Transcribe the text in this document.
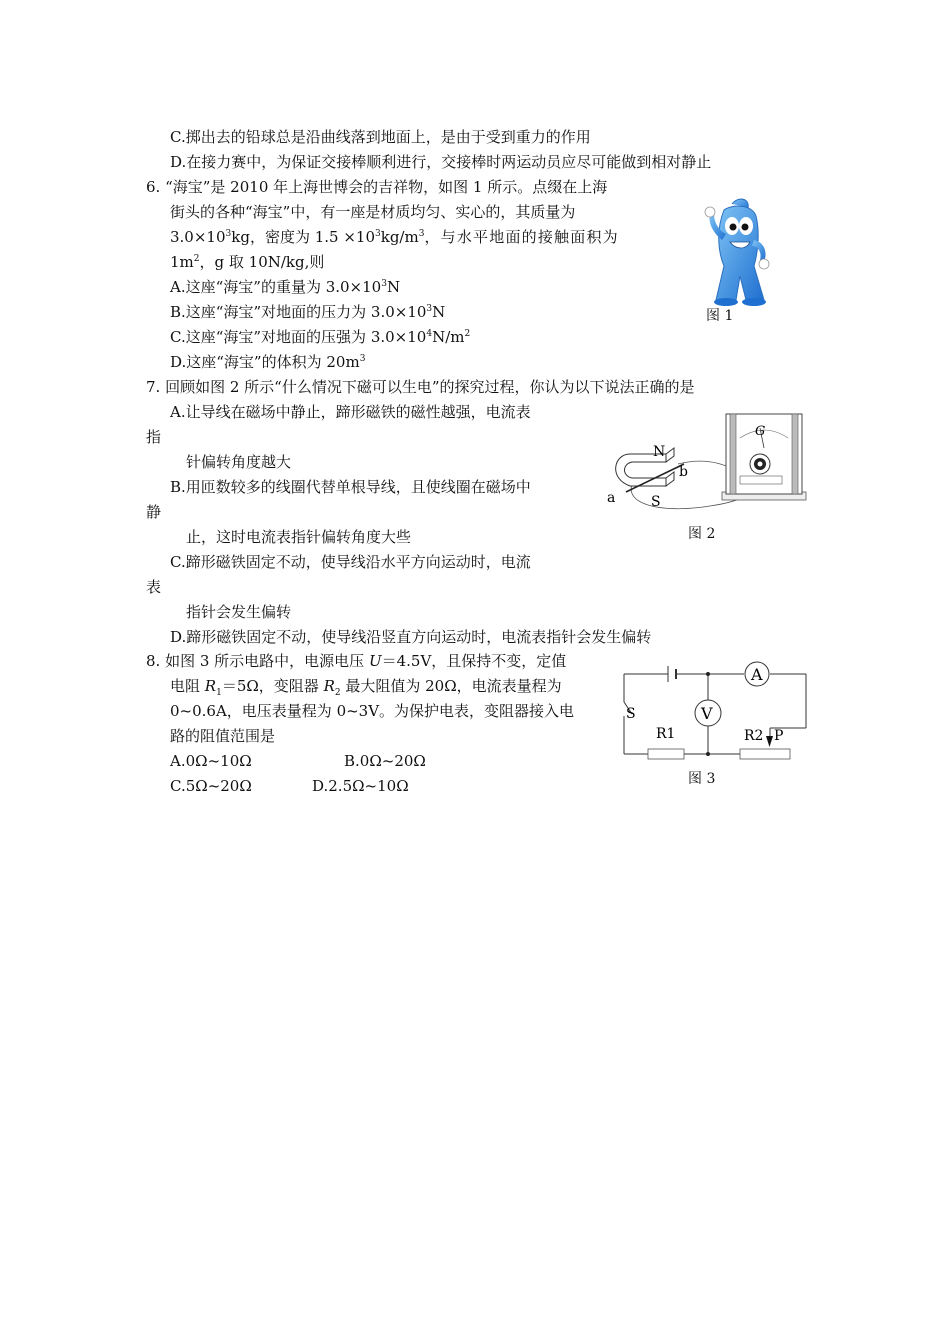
C.掷出去的铅球总是沿曲线落到地面上，是由于受到重力的作用
D.在接力赛中，为保证交接棒顺利进行，交接棒时两运动员应尽可能做到相对静止
6. “海宝”是 2010 年上海世博会的吉祥物，如图 1 所示。点缀在上海
街头的各种“海宝”中，有一座是材质均匀、实心的，其质量为
$3.0\times 10^3kg$，密度为 $1.5 \times 10^3kg/m^3$，与水平地面的接触面积为
$1m^2$，g 取 10N/kg,则
A.这座“海宝”的重量为 $3.0\times 10^3N$
B.这座“海宝”对地面的压力为 $3.0\times 10^3N$
C.这座“海宝”对地面的压强为 $3.0\times 10^4N/m^2$
D.这座“海宝”的体积为 $20m^3$
图 1
7. 回顾如图 2 所示“什么情况下磁可以生电”的探究过程，你认为以下说法正确的是
A.让导线在磁场中静止，蹄形磁铁的磁性越强，电流表
指
针偏转角度越大
B.用匝数较多的线圈代替单根导线，且使线圈在磁场中
静
止，这时电流表指针偏转角度大些
C.蹄形磁铁固定不动，使导线沿水平方向运动时，电流
表
指针会发生偏转
D.蹄形磁铁固定不动，使导线沿竖直方向运动时，电流表指针会发生偏转
N
S
a
b
G
图 2
8. 如图 3 所示电路中，电源电压 U＝4.5V，且保持不变，定值
电阻 $R_1=5\Omega$，变阻器 $R_2$ 最大阻值为 20Ω，电流表量程为
0~0.6A，电压表量程为 0~3V。为保护电表，变阻器接入电
路的阻值范围是
A.0Ω~10Ω	B.0Ω~20Ω
C.5Ω~20Ω	D.2.5Ω~10Ω
A
V
R1	R2 P
S
图 3
